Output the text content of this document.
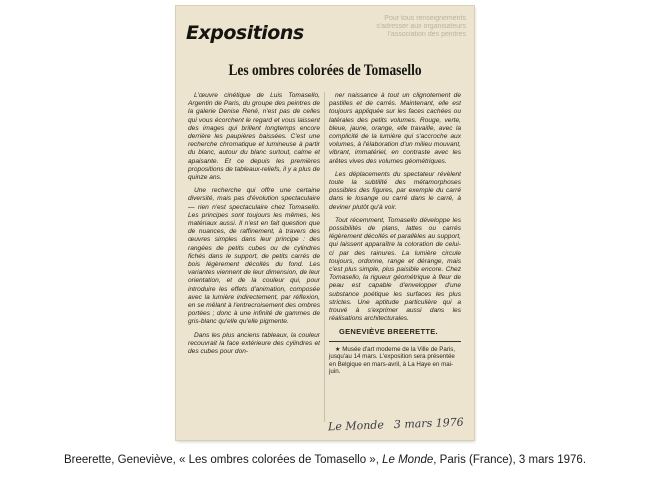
Expositions
Pour tous renseignements
s'adresser aux organisateurs
l'association des peintres
Les ombres colorées de Tomasello

L'œuvre cinétique de Luis Tomasello, Argentin de Paris, du groupe des peintres de la galerie Denise René, n'est pas de celles qui vous écorchent le regard et vous laissent des images qui brillent longtemps encore derrière les paupières baissées. C'est une recherche chromatique et lumineuse à partir du blanc, autour du blanc surtout, calme et apaisante. Et ce depuis les premières propositions de tableaux-reliefs, il y a plus de quinze ans.

Une recherche qui offre une certaine diversité, mais pas d'évolution spectaculaire — rien n'est spectaculaire chez Tomasello. Les principes sont toujours les mêmes, les matériaux aussi. Il n'est en fait question que de nuances, de raffinement, à travers des œuvres simples dans leur principe : des rangées de petits cubes ou de cylindres fichés dans le support, de petits carrés de bois légèrement décollés du fond. Les variantes viennent de leur dimension, de leur orientation, et de la couleur qui, pour introduire les effets d'animation, composée avec la lumière indirectement, par réflexion, en se mêlant à l'entrecroisement des ombres portées ; donc à une infinité de gammes de gris-blanc qu'elle qu'elle pigmente.

Dans les plus anciens tableaux, la couleur recouvrait la face extérieure des cylindres et des cubes pour don-

ner naissance à tout un clignotement de pastilles et de carrés. Maintenant, elle est toujours appliquée sur les faces cachées ou latérales des petits volumes. Rouge, verte, bleue, jaune, orange, elle travaille, avec la complicité de la lumière qui s'accroche aux volumes, à l'élaboration d'un milieu mouvant, vibrant, immatériel, en contraste avec les arêtes vives des volumes géométriques.

Les déplacements du spectateur révèlent toute la subtilité des métamorphoses possibles des figures, par exemple du carré dans le losange ou carré dans le carré, à deviner plutôt qu'à voir.

Tout récemment, Tomasello développe les possibilités de plans, lattes ou carrés légèrement décollés et parallèles au support, qui laissent apparaître la coloration de celui-ci par des rainures. La lumière circule toujours, ordonne, range et dérange, mais c'est plus simple, plus paisible encore. Chez Tomasello, la rigueur géométrique à fleur de peau est capable d'envelopper d'une substance poétique les surfaces les plus strictes. Une aptitude particulière qui a trouvé à s'exprimer aussi dans les réalisations architecturales.

GENEVIÈVE BREERETTE.

★ Musée d'art moderne de la Ville de Paris, jusqu'au 14 mars. L'exposition sera présentée en Belgique en mars-avril, à La Haye en mai-juin.

Le Monde 3 mars 1976
Breerette, Geneviève, « Les ombres colorées de Tomasello », Le Monde, Paris (France), 3 mars 1976.
